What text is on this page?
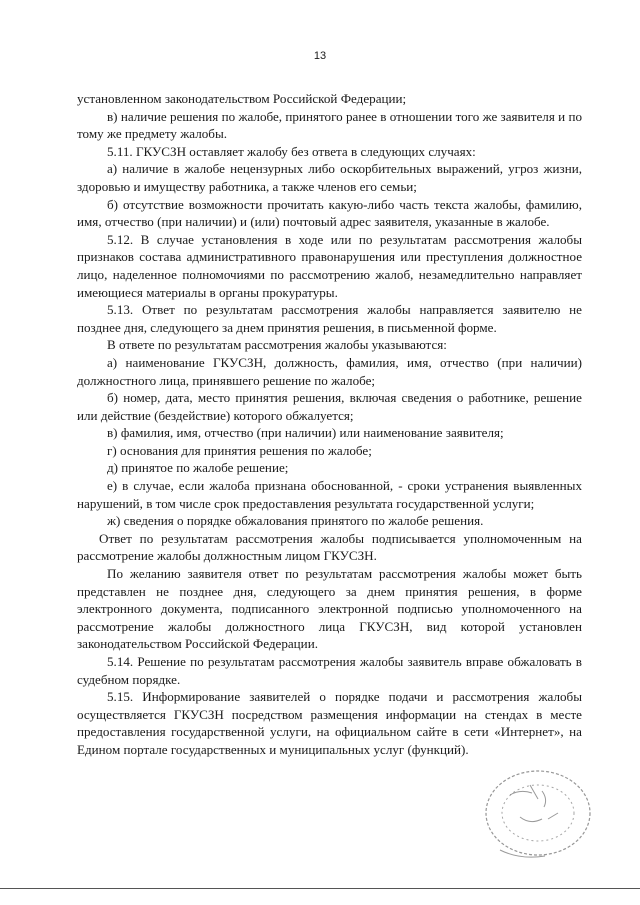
13

установленном законодательством Российской Федерации;

в) наличие решения по жалобе, принятого ранее в отношении того же заявителя и по тому же предмету жалобы.

5.11. ГКУСЗН оставляет жалобу без ответа в следующих случаях:

а) наличие в жалобе нецензурных либо оскорбительных выражений, угроз жизни, здоровью и имуществу работника, а также членов его семьи;

б) отсутствие возможности прочитать какую-либо часть текста жалобы, фамилию, имя, отчество (при наличии) и (или) почтовый адрес заявителя, указанные в жалобе.

5.12. В случае установления в ходе или по результатам рассмотрения жалобы признаков состава административного правонарушения или преступления должностное лицо, наделенное полномочиями по рассмотрению жалоб, незамедлительно направляет имеющиеся материалы в органы прокуратуры.

5.13. Ответ по результатам рассмотрения жалобы направляется заявителю не позднее дня, следующего за днем принятия решения, в письменной форме.

В ответе по результатам рассмотрения жалобы указываются:

а) наименование ГКУСЗН, должность, фамилия, имя, отчество (при наличии) должностного лица, принявшего решение по жалобе;

б) номер, дата, место принятия решения, включая сведения о работнике, решение или действие (бездействие) которого обжалуется;

в) фамилия, имя, отчество (при наличии) или наименование заявителя;

г) основания для принятия решения по жалобе;

д) принятое по жалобе решение;

е) в случае, если жалоба признана обоснованной, - сроки устранения выявленных нарушений, в том числе срок предоставления результата государственной услуги;

ж) сведения о порядке обжалования принятого по жалобе решения.

Ответ по результатам рассмотрения жалобы подписывается уполномоченным на рассмотрение жалобы должностным лицом ГКУСЗН.

По желанию заявителя ответ по результатам рассмотрения жалобы может быть представлен не позднее дня, следующего за днем принятия решения, в форме электронного документа, подписанного электронной подписью уполномоченного на рассмотрение жалобы должностного лица ГКУСЗН, вид которой установлен законодательством Российской Федерации.

5.14. Решение по результатам рассмотрения жалобы заявитель вправе обжаловать в судебном порядке.

5.15. Информирование заявителей о порядке подачи и рассмотрения жалобы осуществляется ГКУСЗН посредством размещения информации на стендах в месте предоставления государственной услуги, на официальном сайте в сети «Интернет», на Едином портале государственных и муниципальных услуг (функций).
